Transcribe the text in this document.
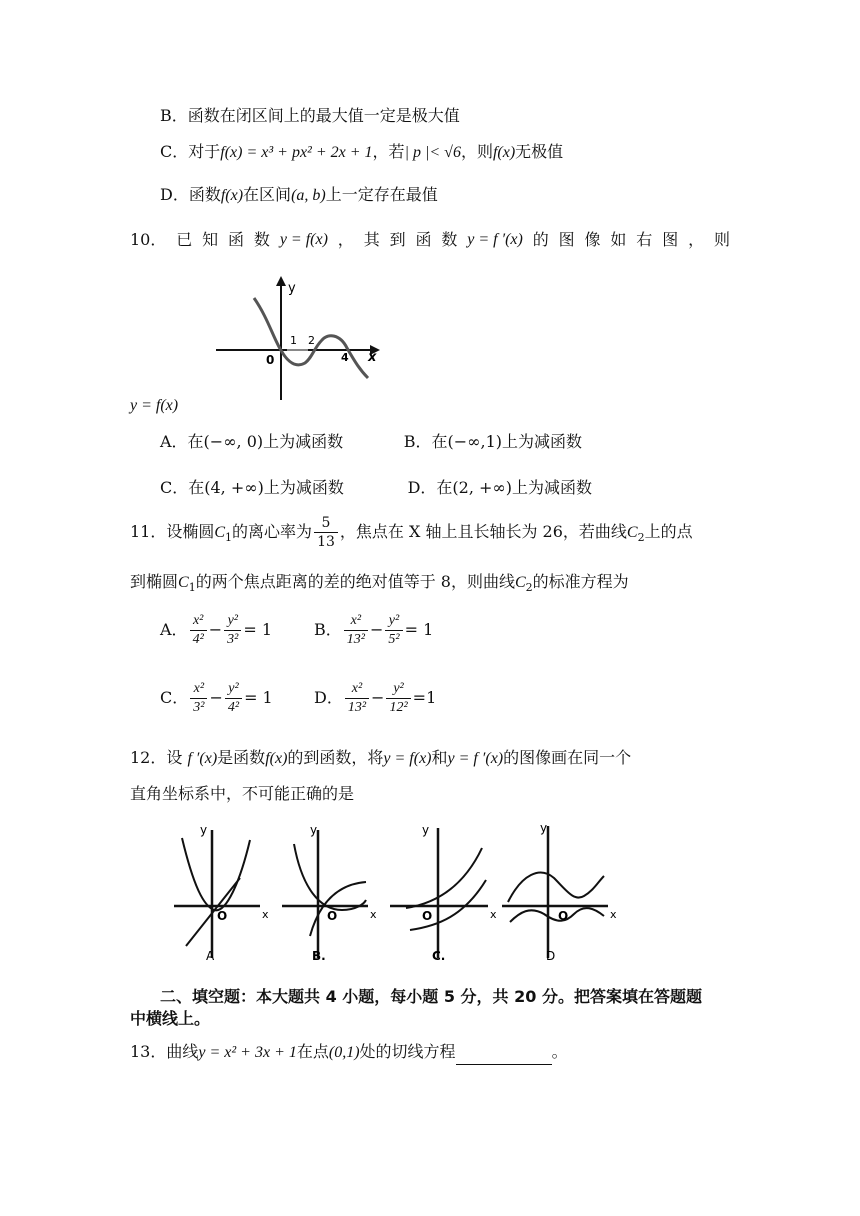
B．函数在闭区间上的最大值一定是极大值
C．对于f(x) = x³ + px² + 2x + 1，若| p |< √6，则f(x)无极值
D．函数f(x)在区间(a, b)上一定存在最值
10． 已 知 函 数 y = f(x) ， 其 到 函 数 y = f ′(x) 的 图 像 如 右 图 ， 则
y
x
0
1 2
4
y = f(x)
A．在(−∞, 0)上为减函数	B．在(−∞,1)上为减函数
C．在(4, +∞)上为减函数	D．在(2, +∞)上为减函数
11．设椭圆$C_1$的离心率为 $\frac{5}{13}$ ，焦点在 X 轴上且长轴长为 26，若曲线$C_2$上的点
到椭圆$C_1$的两个焦点距离的差的绝对值等于 8，则曲线$C_2$的标准方程为
A． $\frac{\text{x²}}{\text{4²}} - \frac{\text{y²}}{\text{3²}} = 1$	B． $\frac{\text{x²}}{\text{13²}} - \frac{\text{y²}}{\text{5²}} = 1$
C． $\frac{\text{x²}}{\text{3²}} - \frac{\text{y²}}{\text{4²}} = 1$	D． $\frac{\text{x²}}{\text{13²}} - \frac{\text{y²}}{\text{12²}} =1$
12．设 f ′(x)是函数f(x)的到函数，将y = f(x)和y = f ′(x)的图像画在同一个
直角坐标系中，不可能正确的是
y
O	x
A
y
O	x
B.
y
O	x
C.
y
O	x
D
二、填空题：本大题共 4 小题，每小题 5 分，共 20 分。把答案填在答题题
中横线上。
13．曲线y = x² + 3x + 1在点(0,1)处的切线方程	。
